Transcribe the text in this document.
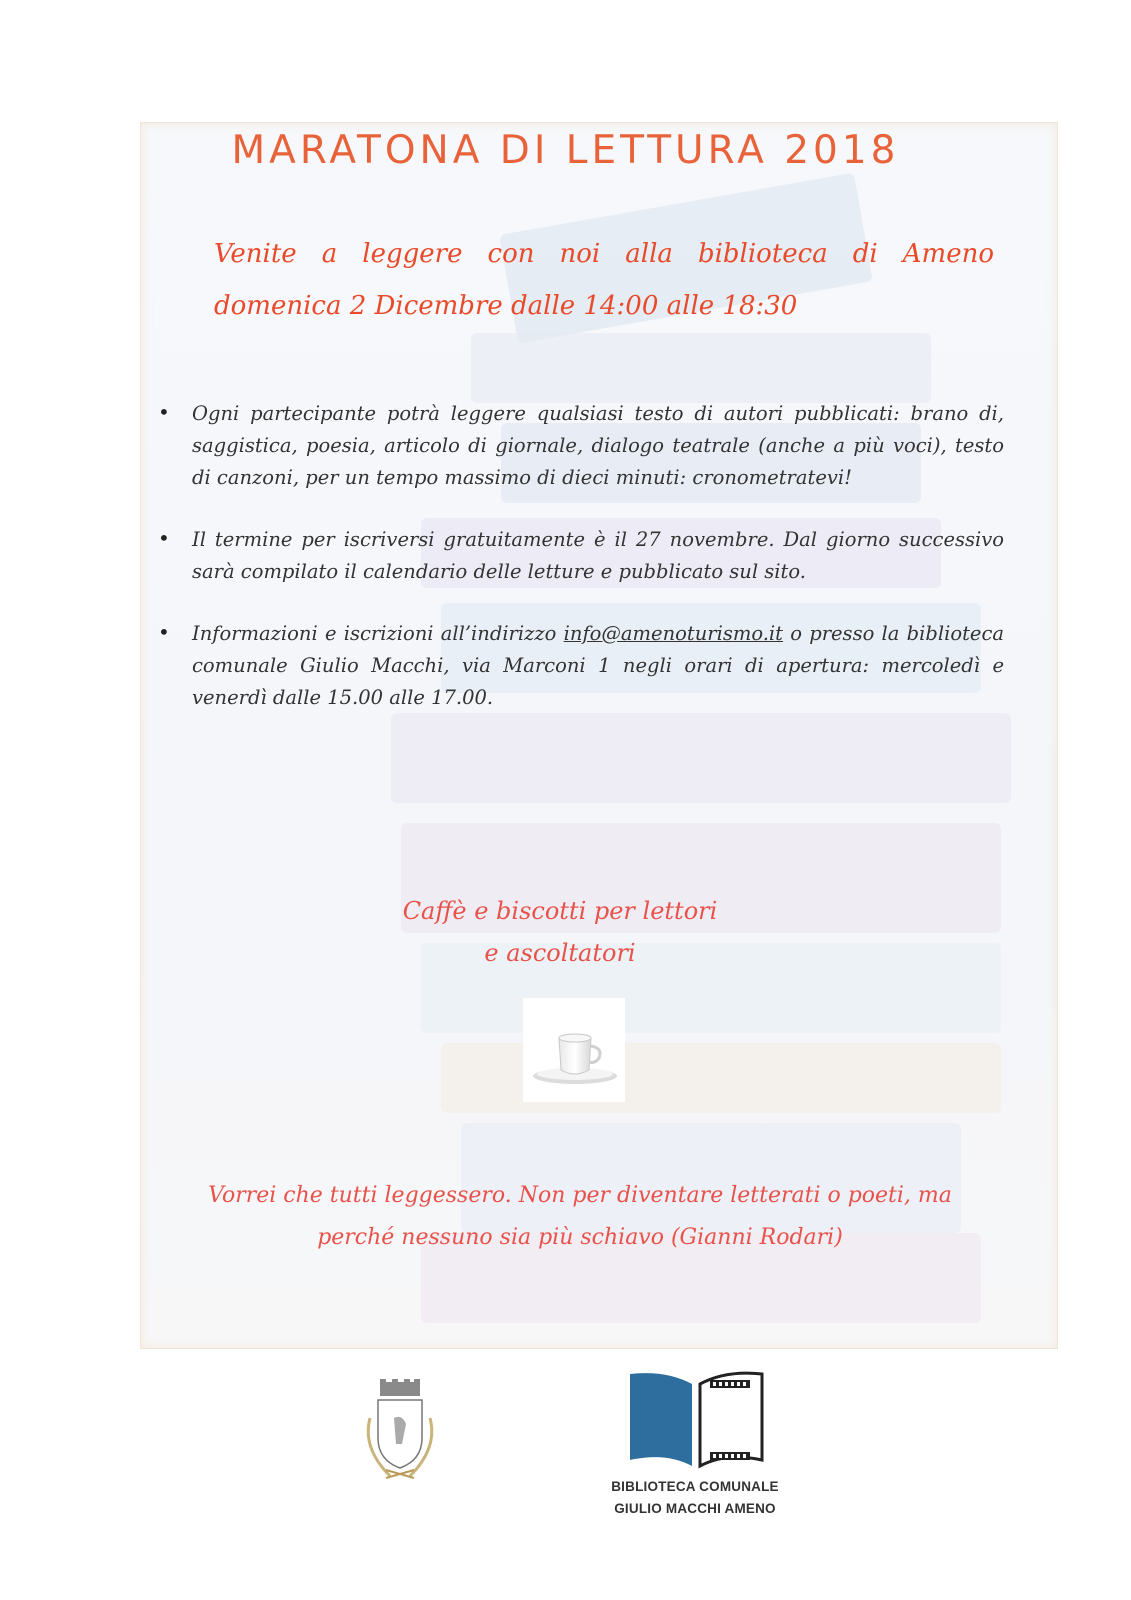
MARATONA DI LETTURA 2018

Venite a leggere con noi alla biblioteca di Ameno domenica 2 Dicembre dalle 14:00 alle 18:30

• Ogni partecipante potrà leggere qualsiasi testo di autori pubblicati: brano di, saggistica, poesia, articolo di giornale, dialogo teatrale (anche a più voci), testo di canzoni, per un tempo massimo di dieci minuti: cronometratevi!
• Il termine per iscriversi gratuitamente è il 27 novembre. Dal giorno successivo sarà compilato il calendario delle letture e pubblicato sul sito.
• Informazioni e iscrizioni all’indirizzo info@amenoturismo.it o presso la biblioteca comunale Giulio Macchi, via Marconi 1 negli orari di apertura: mercoledì e venerdì dalle 15.00 alle 17.00.
Caffè e biscotti per lettori
e ascoltatori

Vorrei che tutti leggessero. Non per diventare letterati o poeti, ma perché nessuno sia più schiavo (Gianni Rodari)

BIBLIOTECA COMUNALE
GIULIO MACCHI AMENO
